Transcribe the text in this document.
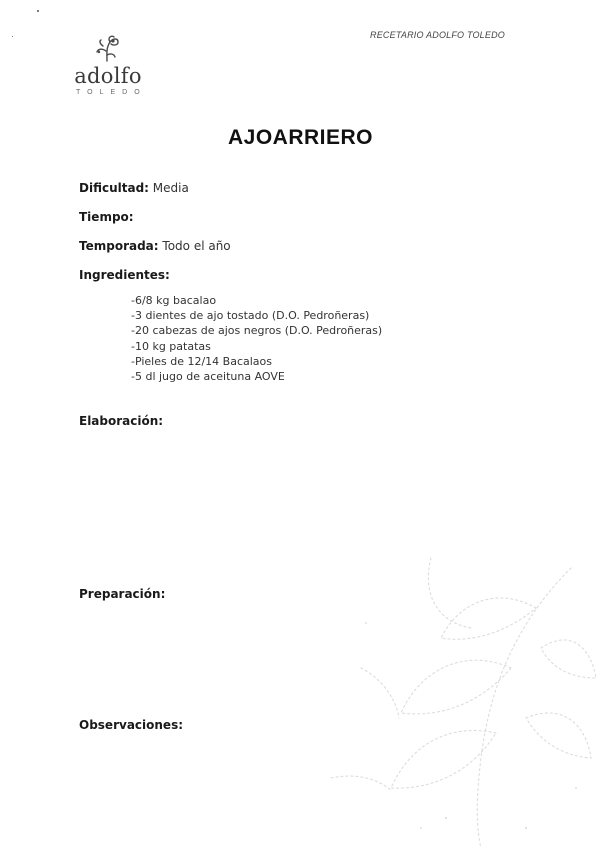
RECETARIO ADOLFO TOLEDO
adolfo
TOLEDO
AJOARRIERO
Dificultad: Media
Tiempo:
Temporada: Todo el año
Ingredientes:
-6/8 kg bacalao
-3 dientes de ajo tostado (D.O. Pedroñeras)
-20 cabezas de ajos negros (D.O. Pedroñeras)
-10 kg patatas
-Pieles de 12/14 Bacalaos
-5 dl jugo de aceituna AOVE
Elaboración:
Preparación:
Observaciones:
